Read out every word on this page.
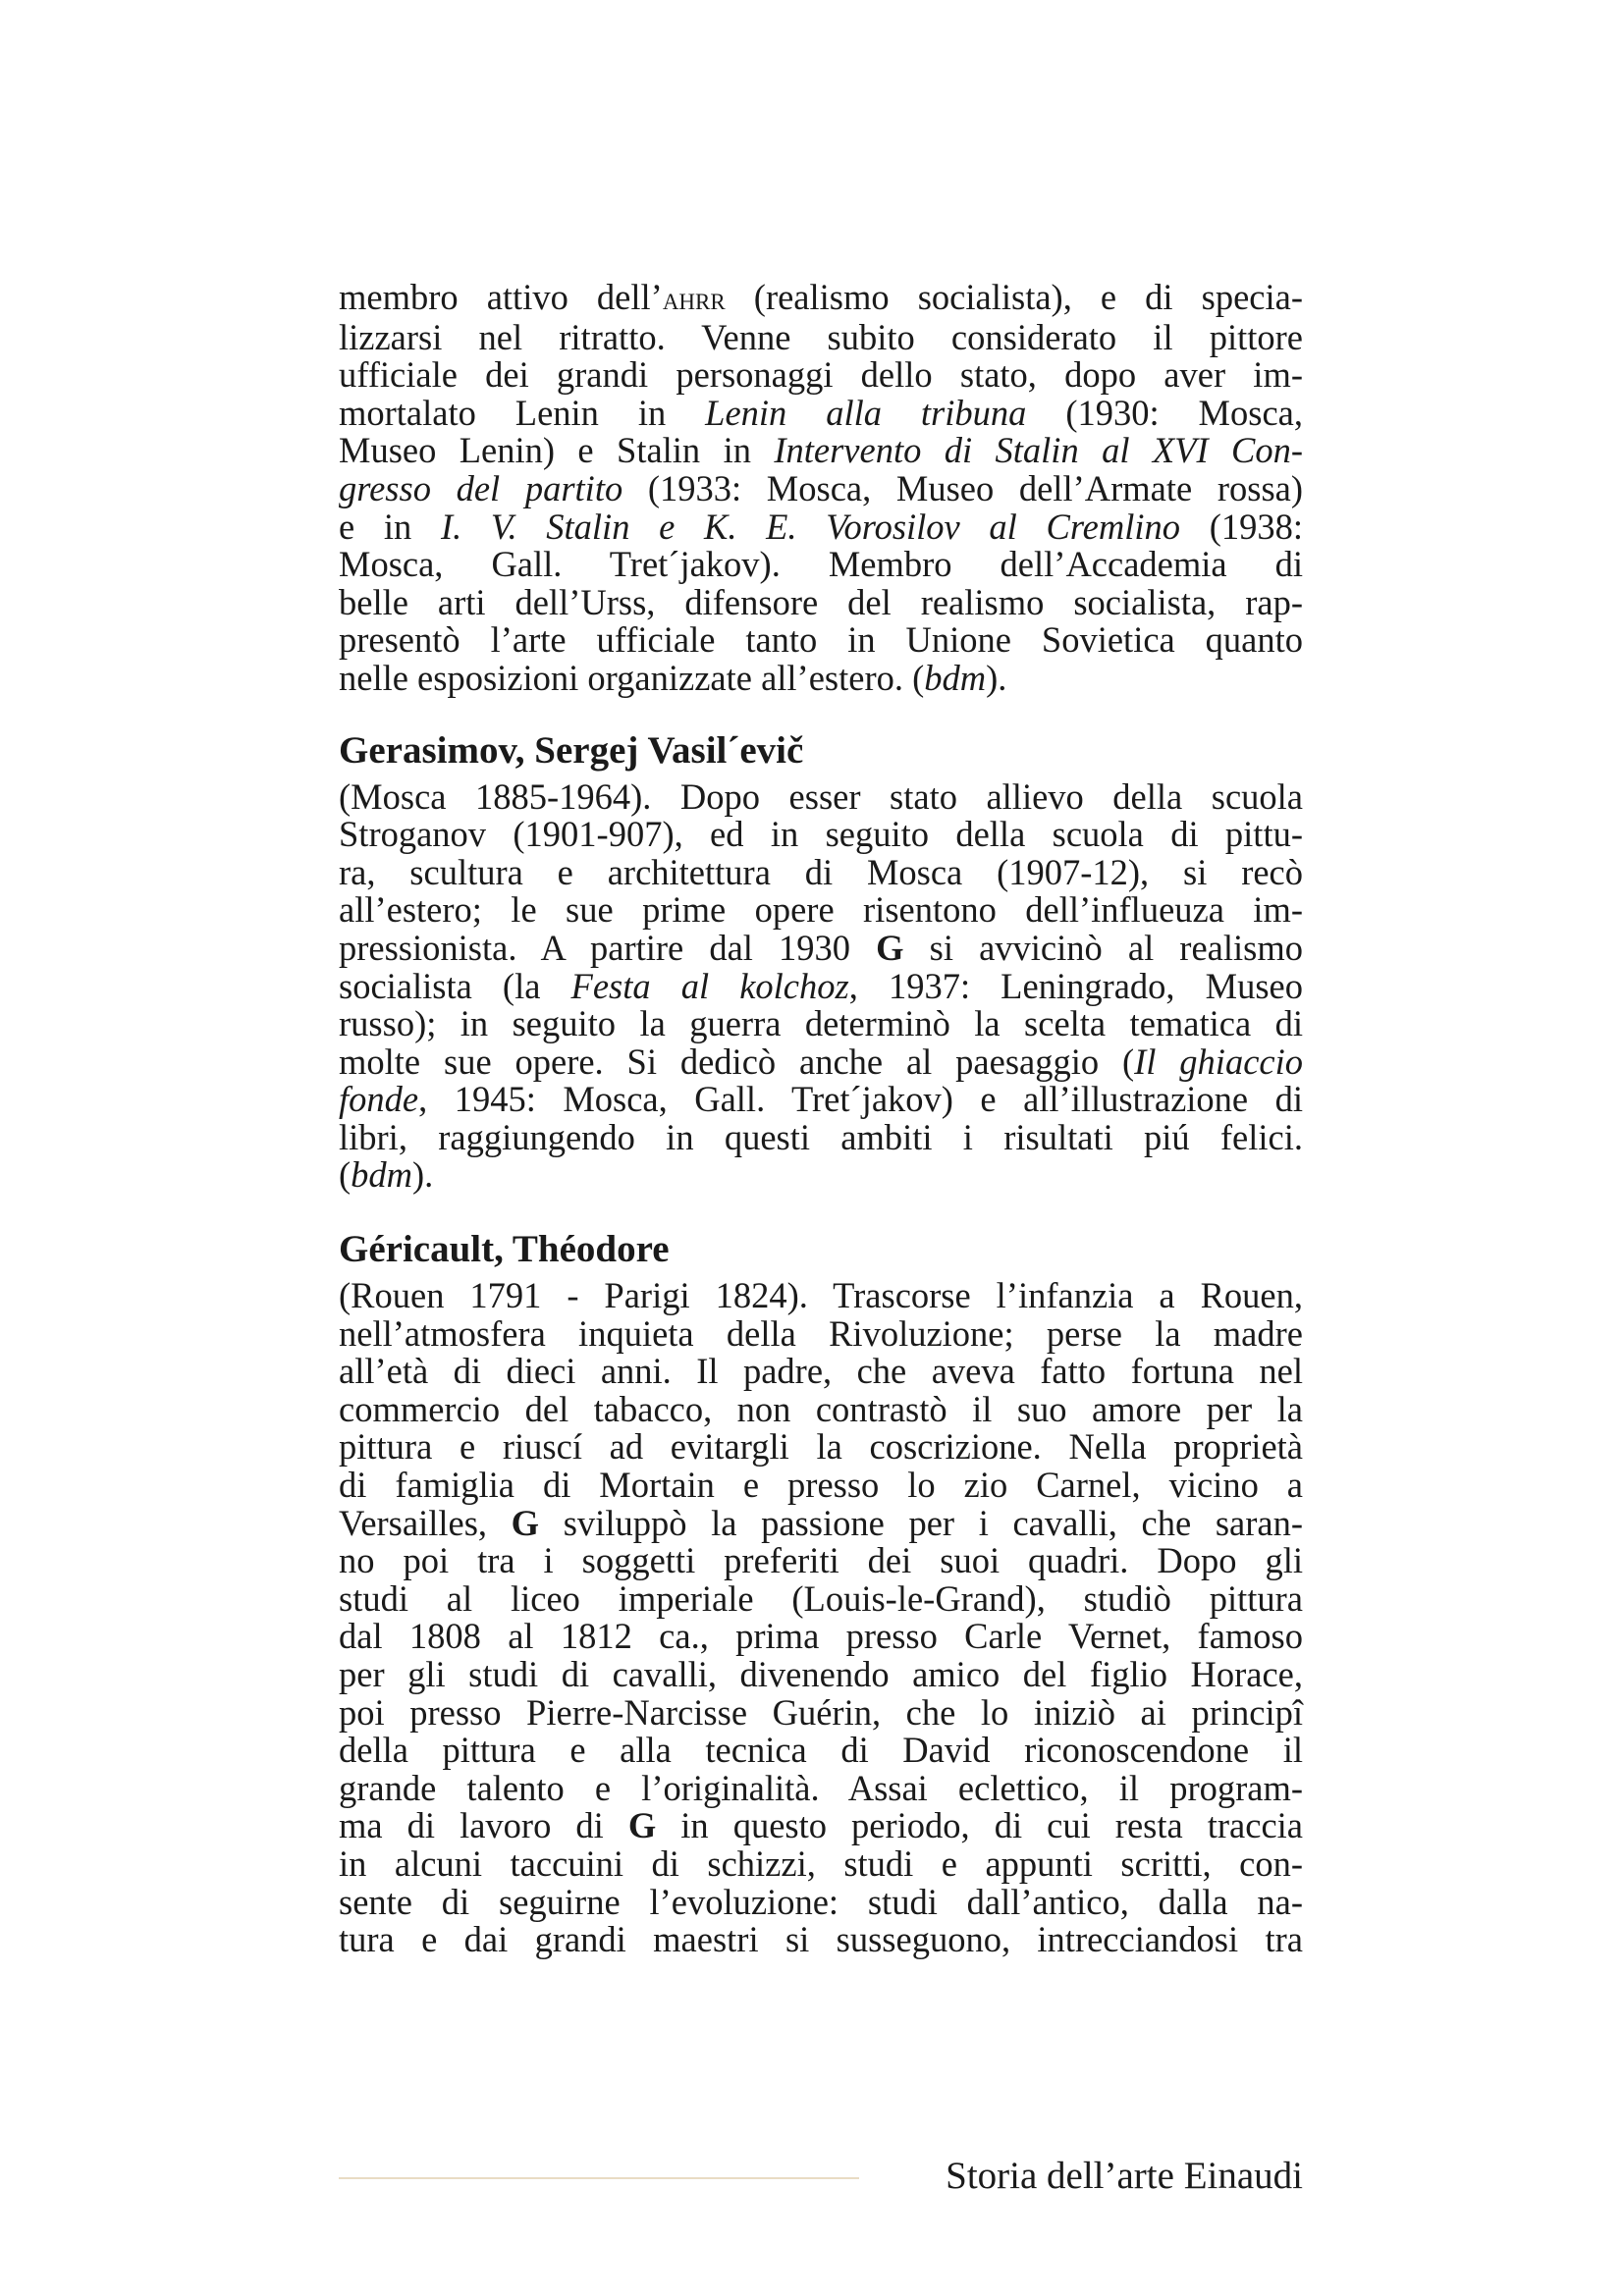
membro attivo dell’ahrr (realismo socialista), e di specia-
lizzarsi nel ritratto. Venne subito considerato il pittore
ufficiale dei grandi personaggi dello stato, dopo aver im-
mortalato Lenin in Lenin alla tribuna (1930: Mosca,
Museo Lenin) e Stalin in Intervento di Stalin al XVI Con-
gresso del partito (1933: Mosca, Museo dell’Armate rossa)
e in I. V. Stalin e K. E. Vorosilov al Cremlino (1938:
Mosca, Gall. Tret´jakov). Membro dell’Accademia di
belle arti dell’Urss, difensore del realismo socialista, rap-
presentò l’arte ufficiale tanto in Unione Sovietica quanto
nelle esposizioni organizzate all’estero. (bdm).

Gerasimov, Sergej Vasil´evič

(Mosca 1885-1964). Dopo esser stato allievo della scuola
Stroganov (1901-907), ed in seguito della scuola di pittu-
ra, scultura e architettura di Mosca (1907-12), si recò
all’estero; le sue prime opere risentono dell’influeuza im-
pressionista. A partire dal 1930 G si avvicinò al realismo
socialista (la Festa al kolchoz, 1937: Leningrado, Museo
russo); in seguito la guerra determinò la scelta tematica di
molte sue opere. Si dedicò anche al paesaggio (Il ghiaccio
fonde, 1945: Mosca, Gall. Tret´jakov) e all’illustrazione di
libri, raggiungendo in questi ambiti i risultati piú felici.
(bdm).

Géricault, Théodore

(Rouen 1791 - Parigi 1824). Trascorse l’infanzia a Rouen,
nell’atmosfera inquieta della Rivoluzione; perse la madre
all’età di dieci anni. Il padre, che aveva fatto fortuna nel
commercio del tabacco, non contrastò il suo amore per la
pittura e riuscí ad evitargli la coscrizione. Nella proprietà
di famiglia di Mortain e presso lo zio Carnel, vicino a
Versailles, G sviluppò la passione per i cavalli, che saran-
no poi tra i soggetti preferiti dei suoi quadri. Dopo gli
studi al liceo imperiale (Louis-le-Grand), studiò pittura
dal 1808 al 1812 ca., prima presso Carle Vernet, famoso
per gli studi di cavalli, divenendo amico del figlio Horace,
poi presso Pierre-Narcisse Guérin, che lo iniziò ai principî
della pittura e alla tecnica di David riconoscendone il
grande talento e l’originalità. Assai eclettico, il program-
ma di lavoro di G in questo periodo, di cui resta traccia
in alcuni taccuini di schizzi, studi e appunti scritti, con-
sente di seguirne l’evoluzione: studi dall’antico, dalla na-
tura e dai grandi maestri si susseguono, intrecciandosi tra

Storia dell’arte Einaudi
